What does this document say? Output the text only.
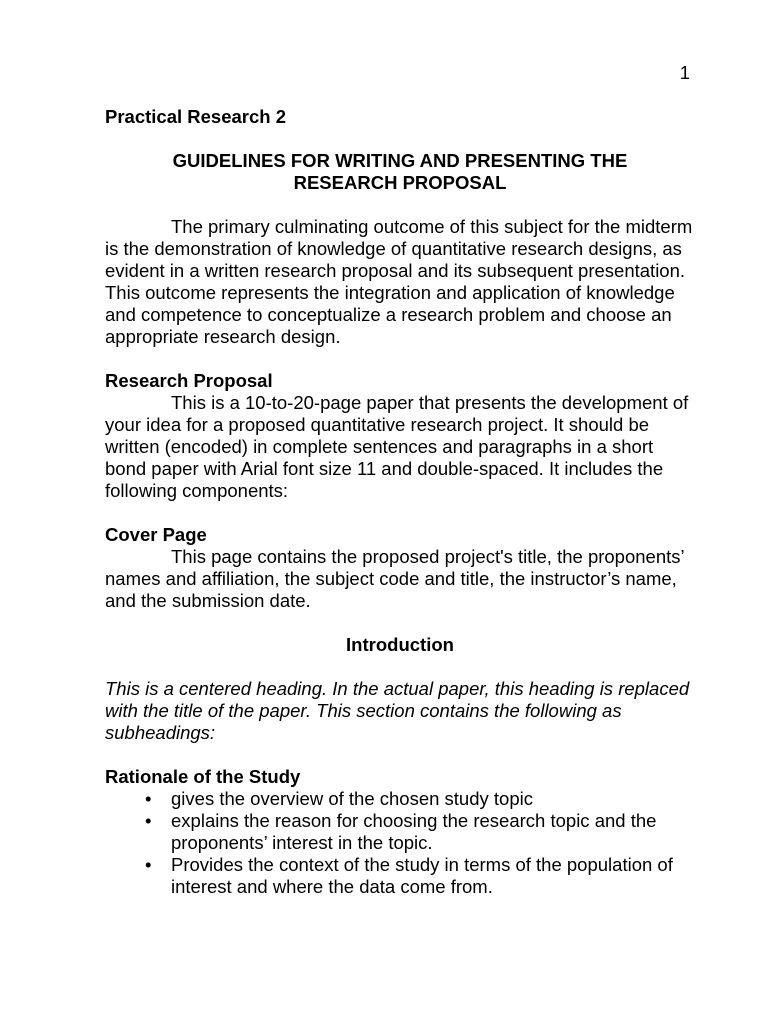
1
Practical Research 2
GUIDELINES FOR WRITING AND PRESENTING THE
RESEARCH PROPOSAL

The primary culminating outcome of this subject for the midterm is the demonstration of knowledge of quantitative research designs, as evident in a written research proposal and its subsequent presentation. This outcome represents the integration and application of knowledge and competence to conceptualize a research problem and choose an appropriate research design.

Research Proposal

This is a 10-to-20-page paper that presents the development of your idea for a proposed quantitative research project. It should be written (encoded) in complete sentences and paragraphs in a short bond paper with Arial font size 11 and double-spaced. It includes the following components:

Cover Page

This page contains the proposed project's title, the proponents’ names and affiliation, the subject code and title, the instructor’s name, and the submission date.

Introduction

This is a centered heading. In the actual paper, this heading is replaced with the title of the paper. This section contains the following as subheadings:

Rationale of the Study
• gives the overview of the chosen study topic
• explains the reason for choosing the research topic and the proponents’ interest in the topic.
• Provides the context of the study in terms of the population of interest and where the data come from.
